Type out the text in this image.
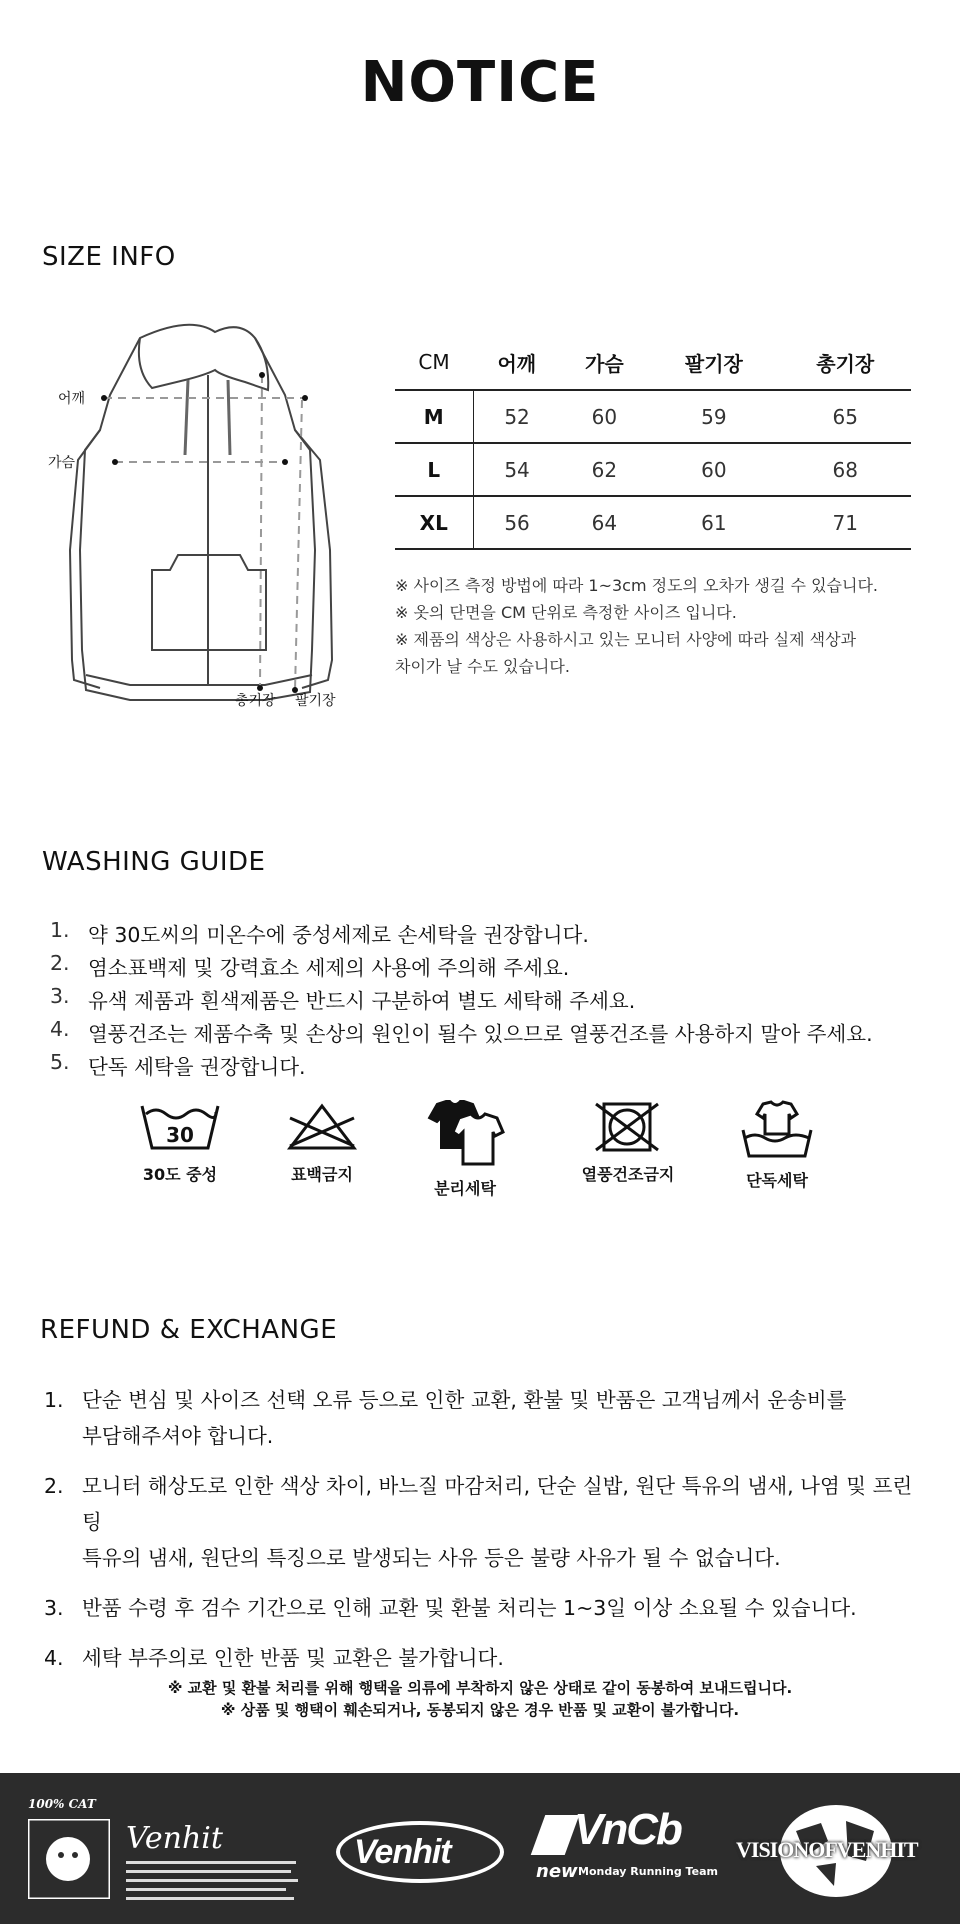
NOTICE
SIZE INFO
어깨
가슴
총기장 팔기장
CM	어깨	가슴	팔기장	총기장
M	52	60	59	65
L	54	62	60	68
XL	56	64	61	71
※ 사이즈 측정 방법에 따라 1~3cm 정도의 오차가 생길 수 있습니다.
※ 옷의 단면을 CM 단위로 측정한 사이즈 입니다.
※ 제품의 색상은 사용하시고 있는 모니터 사양에 따라 실제 색상과
차이가 날 수도 있습니다.
WASHING GUIDE
1. 약 30도씨의 미온수에 중성세제로 손세탁을 권장합니다.
2. 염소표백제 및 강력효소 세제의 사용에 주의해 주세요.
3. 유색 제품과 흰색제품은 반드시 구분하여 별도 세탁해 주세요.
4. 열풍건조는 제품수축 및 손상의 원인이 될수 있으므로 열풍건조를 사용하지 말아 주세요.
5. 단독 세탁을 권장합니다.
30
30도 중성	표백금지
분리세탁
열풍건조금지	단독세탁
REFUND & EXCHANGE
1. 단순 변심 및 사이즈 선택 오류 등으로 인한 교환, 환불 및 반품은 고객님께서 운송비를
부담해주셔야 합니다.
2. 모니터 해상도로 인한 색상 차이, 바느질 마감처리, 단순 실밥, 원단 특유의 냄새, 나염 및 프린팅
특유의 냄새, 원단의 특징으로 발생되는 사유 등은 불량 사유가 될 수 없습니다.
3. 반품 수령 후 검수 기간으로 인해 교환 및 환불 처리는 1~3일 이상 소요될 수 있습니다.
4. 세탁 부주의로 인한 반품 및 교환은 불가합니다.
※ 교환 및 환불 처리를 위해 행택을 의류에 부착하지 않은 상태로 같이 동봉하여 보내드립니다.
※ 상품 및 행택이 훼손되거나, 동봉되지 않은 경우 반품 및 교환이 불가합니다.
100% CAT
Venhit	Venhit	VnCb
new Monday Running Team
VISIONOFVENHIT
